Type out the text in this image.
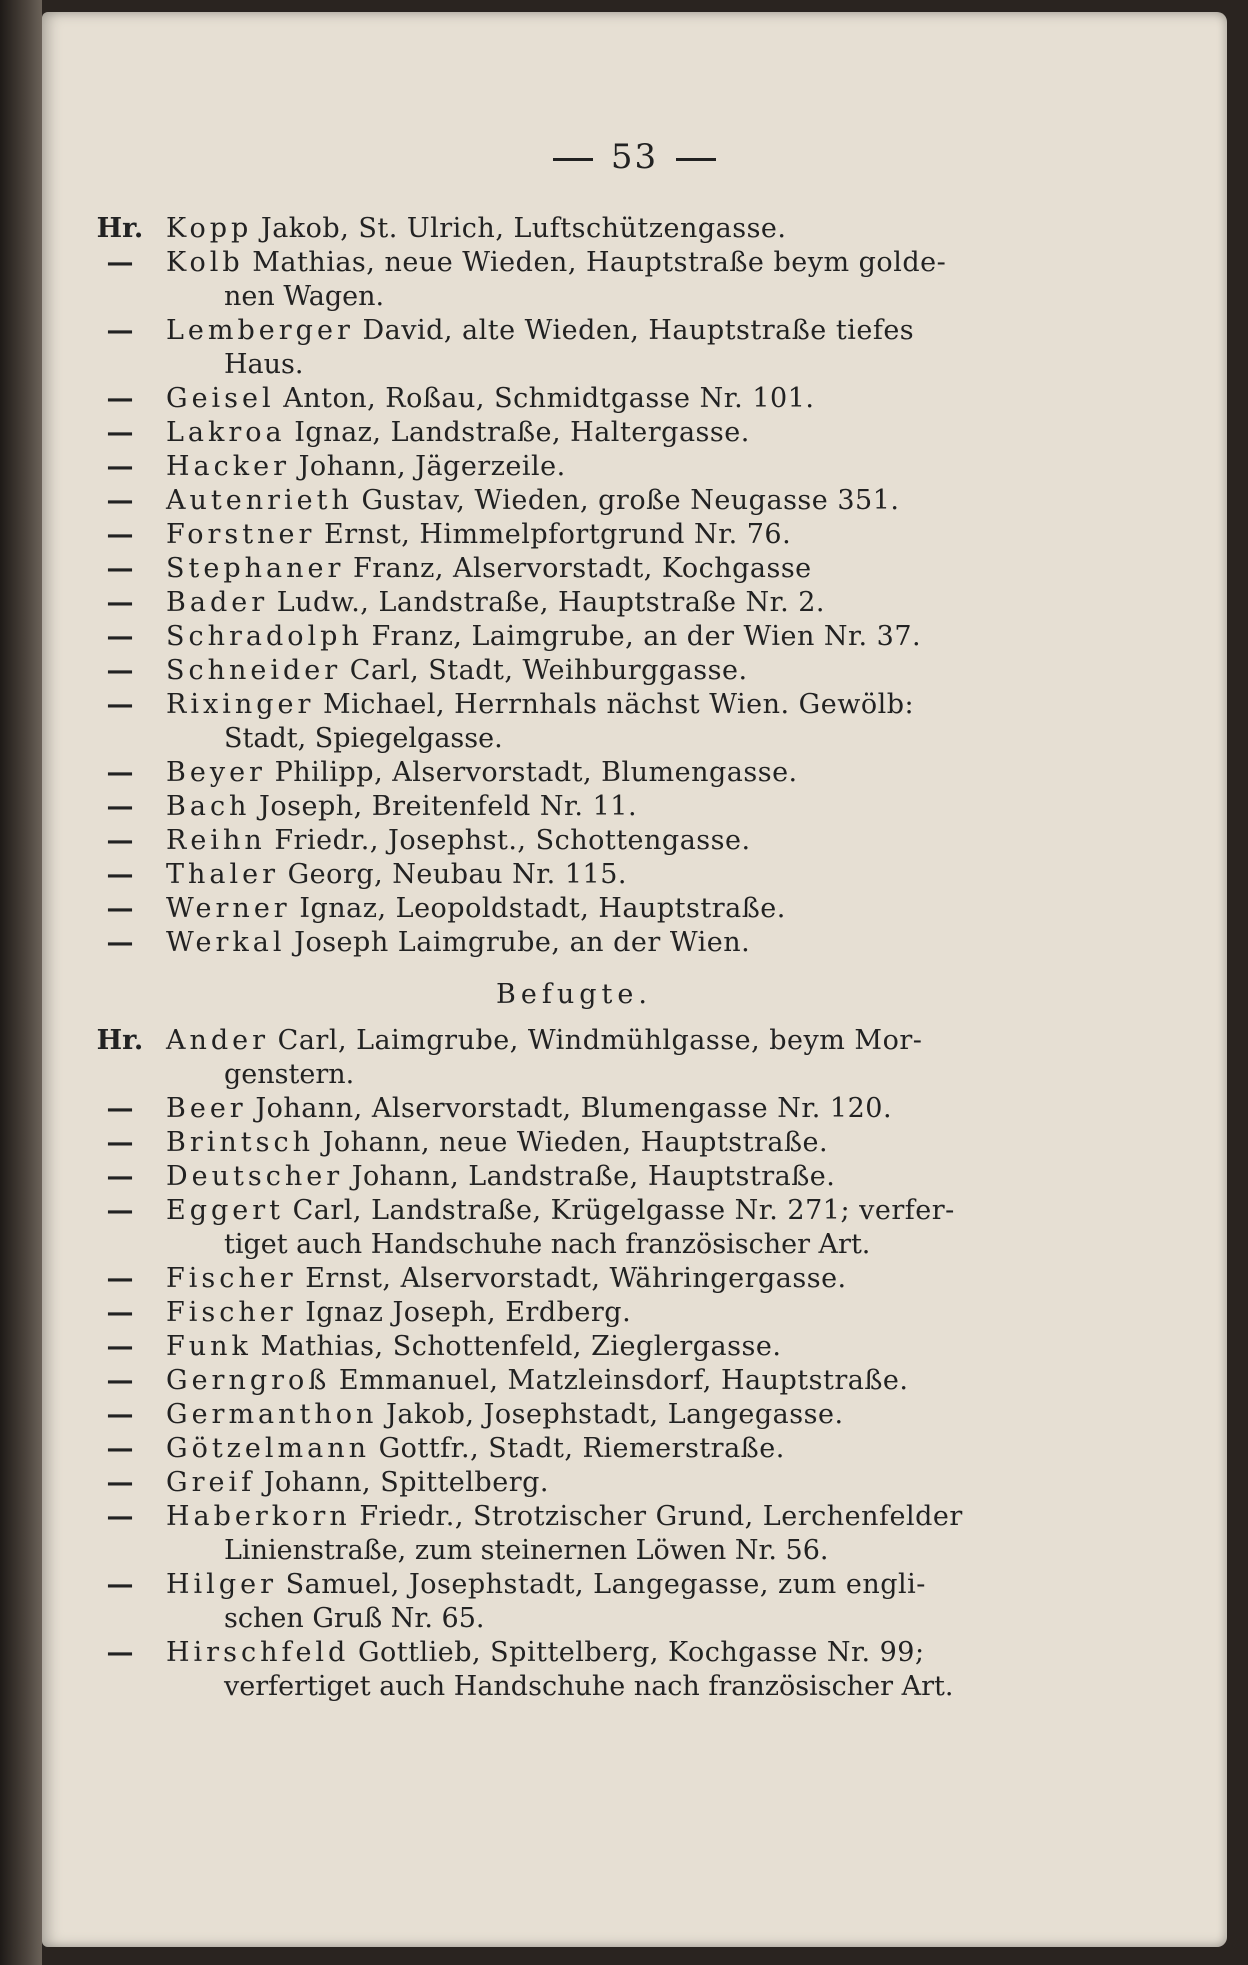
53
Hr. Kopp Jakob, St. Ulrich, Luftschützengasse.
— Kolb Mathias, neue Wieden, Hauptstraße beym golde-
nen Wagen.
— Lemberger David, alte Wieden, Hauptstraße tiefes
Haus.
— Geisel Anton, Roßau, Schmidtgasse Nr. 101.
— Lakroa Ignaz, Landstraße, Haltergasse.
— Hacker Johann, Jägerzeile.
— Autenrieth Gustav, Wieden, große Neugasse 351.
— Forstner Ernst, Himmelpfortgrund Nr. 76.
— Stephaner Franz, Alservorstadt, Kochgasse
— Bader Ludw., Landstraße, Hauptstraße Nr. 2.
— Schradolph Franz, Laimgrube, an der Wien Nr. 37.
— Schneider Carl, Stadt, Weihburggasse.
— Rixinger Michael, Herrnhals nächst Wien. Gewölb:
Stadt, Spiegelgasse.
— Beyer Philipp, Alservorstadt, Blumengasse.
— Bach Joseph, Breitenfeld Nr. 11.
— Reihn Friedr., Josephst., Schottengasse.
— Thaler Georg, Neubau Nr. 115.
— Werner Ignaz, Leopoldstadt, Hauptstraße.
— Werkal Joseph Laimgrube, an der Wien.
Befugte.
Hr. Ander Carl, Laimgrube, Windmühlgasse, beym Mor-
genstern.
— Beer Johann, Alservorstadt, Blumengasse Nr. 120.
— Brintsch Johann, neue Wieden, Hauptstraße.
— Deutscher Johann, Landstraße, Hauptstraße.
— Eggert Carl, Landstraße, Krügelgasse Nr. 271; verfer-
tiget auch Handschuhe nach französischer Art.
— Fischer Ernst, Alservorstadt, Währingergasse.
— Fischer Ignaz Joseph, Erdberg.
— Funk Mathias, Schottenfeld, Zieglergasse.
— Gerngroß Emmanuel, Matzleinsdorf, Hauptstraße.
— Germanthon Jakob, Josephstadt, Langegasse.
— Götzelmann Gottfr., Stadt, Riemerstraße.
— Greif Johann, Spittelberg.
— Haberkorn Friedr., Strotzischer Grund, Lerchenfelder
Linienstraße, zum steinernen Löwen Nr. 56.
— Hilger Samuel, Josephstadt, Langegasse, zum engli-
schen Gruß Nr. 65.
— Hirschfeld Gottlieb, Spittelberg, Kochgasse Nr. 99;
verfertiget auch Handschuhe nach französischer Art.
